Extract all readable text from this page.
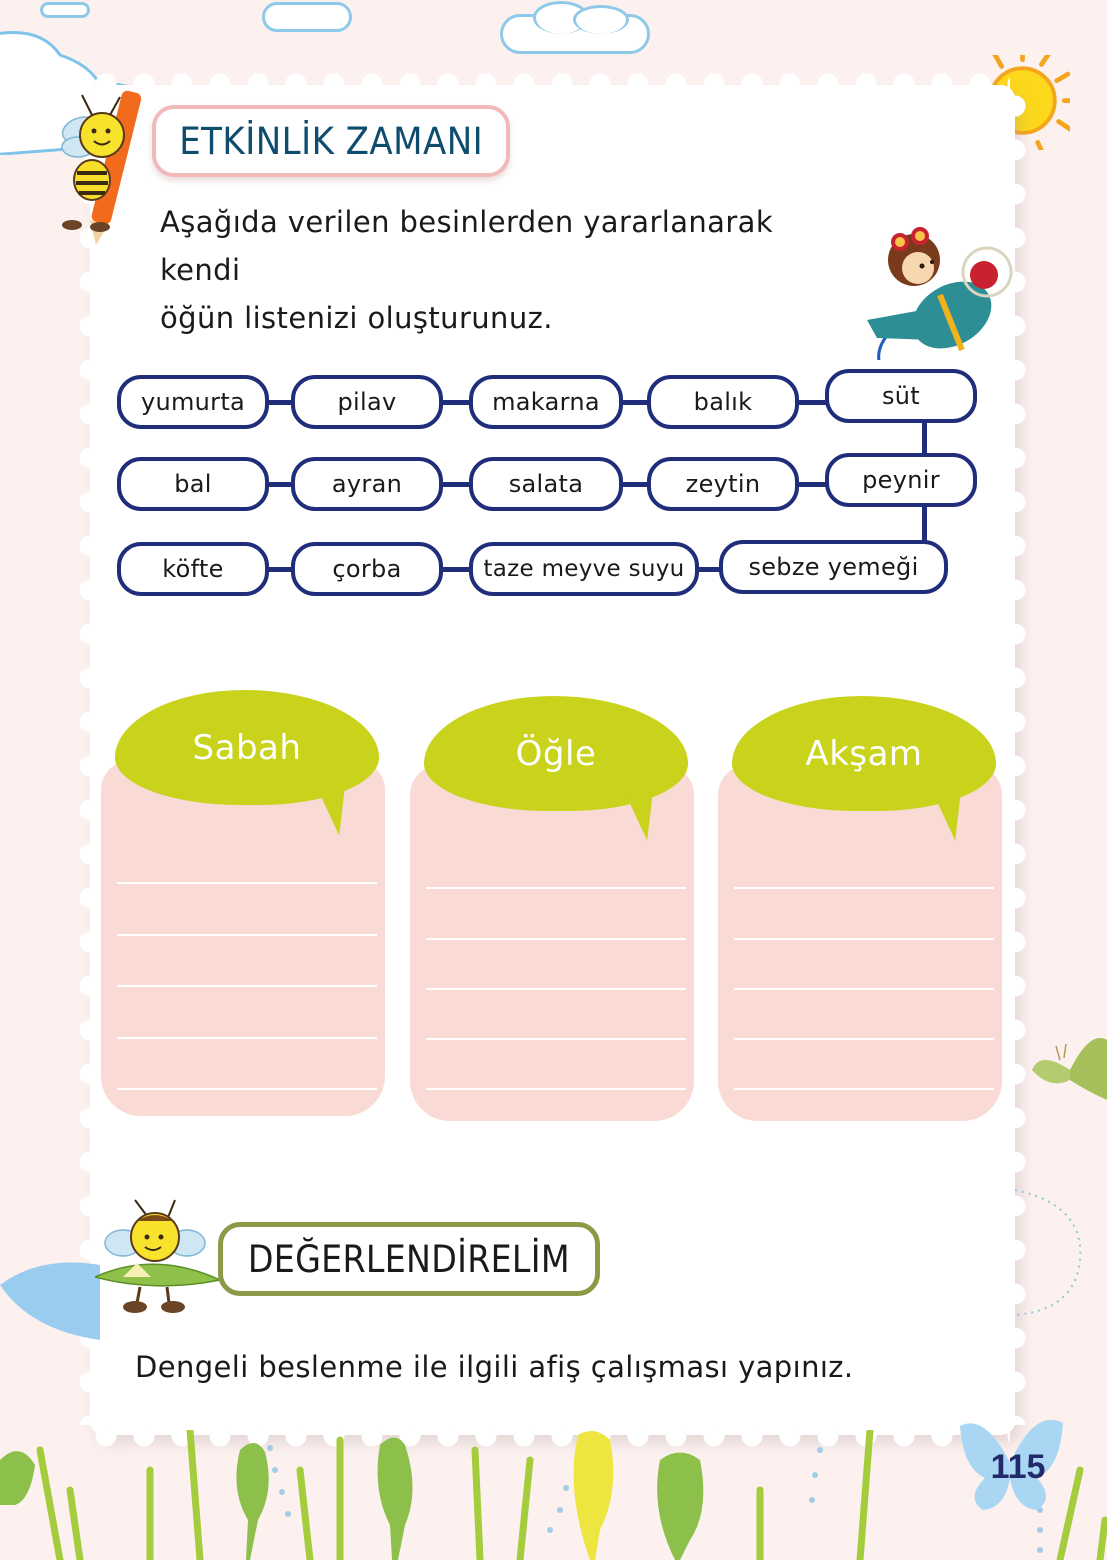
ETKİNLİK ZAMANI
Aşağıda verilen besinlerden yararlanarak kendi
öğün listenizi oluşturunuz.
yumurta	pilav	makarna	balık	süt
bal	ayran	salata	zeytin	peynir
köfte	çorba	taze meyve suyu	sebze yemeği
Sabah	Öğle	Akşam
DEĞERLENDİRELİM
Dengeli beslenme ile ilgili afiş çalışması yapınız.
115
